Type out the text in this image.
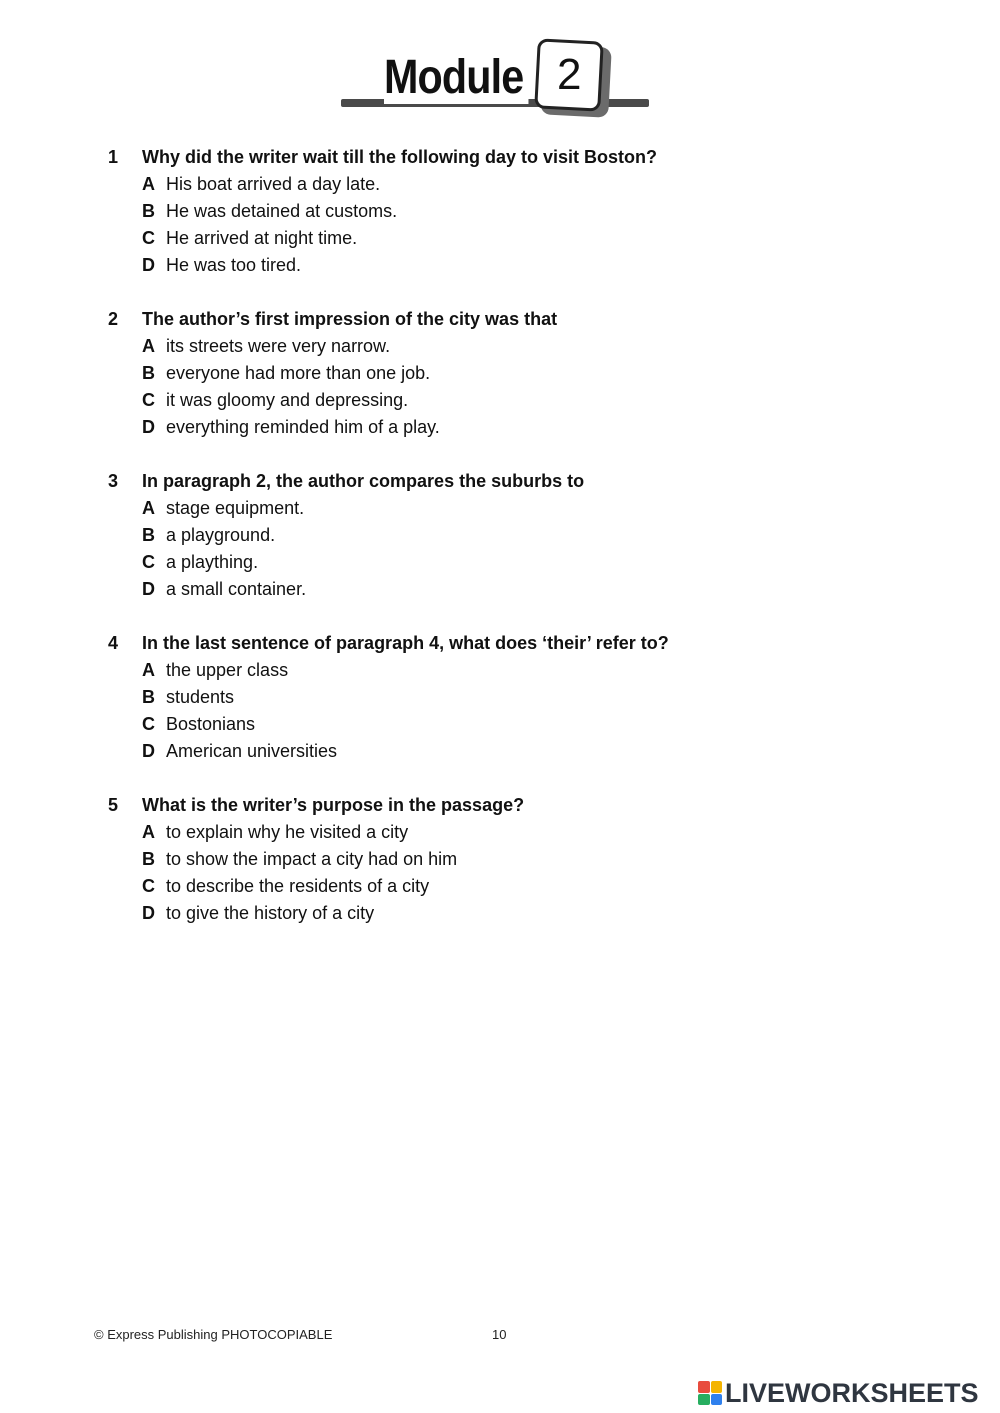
Module 2
1	Why did the writer wait till the following day to visit Boston?
A His boat arrived a day late.
B He was detained at customs.
C He arrived at night time.
D He was too tired.
2	The author’s first impression of the city was that
A its streets were very narrow.
B everyone had more than one job.
C it was gloomy and depressing.
D everything reminded him of a play.
3	In paragraph 2, the author compares the suburbs to
A stage equipment.
B a playground.
C a plaything.
D a small container.
4	In the last sentence of paragraph 4, what does ‘their’ refer to?
A the upper class
B students
C Bostonians
D American universities
5	What is the writer’s purpose in the passage?
A to explain why he visited a city
B to show the impact a city had on him
C to describe the residents of a city
D to give the history of a city
© Express Publishing PHOTOCOPIABLE	10
LIVEWORKSHEETS
